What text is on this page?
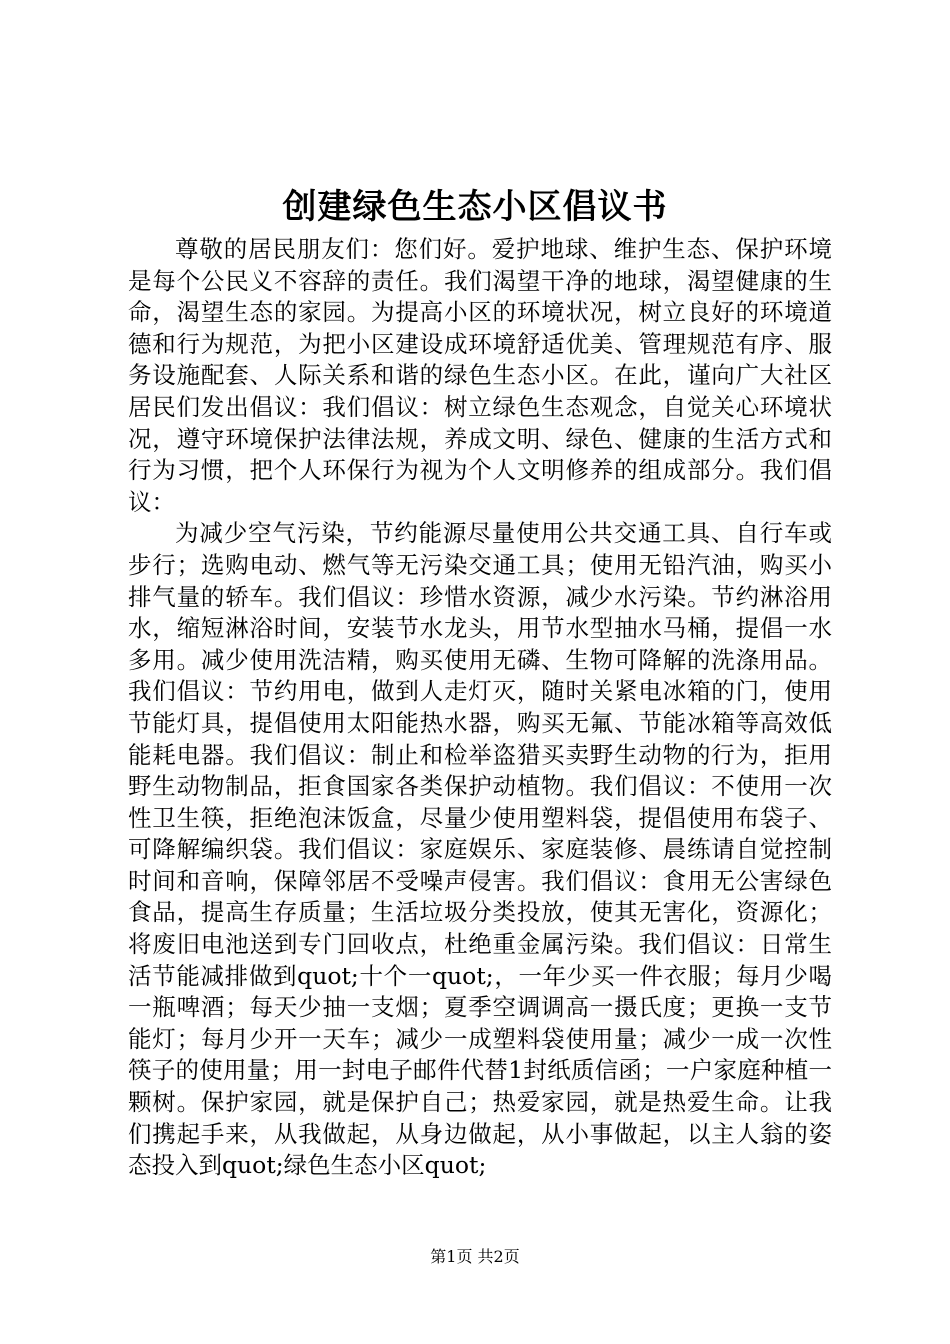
创建绿色生态小区倡议书

尊敬的居民朋友们：您们好。爱护地球、维护生态、保护环境是每个公民义不容辞的责任。我们渴望干净的地球，渴望健康的生命，渴望生态的家园。为提高小区的环境状况，树立良好的环境道德和行为规范，为把小区建设成环境舒适优美、管理规范有序、服务设施配套、人际关系和谐的绿色生态小区。在此，谨向广大社区居民们发出倡议：我们倡议：树立绿色生态观念，自觉关心环境状况，遵守环境保护法律法规，养成文明、绿色、健康的生活方式和行为习惯，把个人环保行为视为个人文明修养的组成部分。我们倡议：

为减少空气污染，节约能源尽量使用公共交通工具、自行车或步行；选购电动、燃气等无污染交通工具；使用无铅汽油，购买小排气量的轿车。我们倡议：珍惜水资源，减少水污染。节约淋浴用水，缩短淋浴时间，安装节水龙头，用节水型抽水马桶，提倡一水多用。减少使用洗洁精，购买使用无磷、生物可降解的洗涤用品。我们倡议：节约用电，做到人走灯灭，随时关紧电冰箱的门，使用节能灯具，提倡使用太阳能热水器，购买无氟、节能冰箱等高效低能耗电器。我们倡议：制止和检举盗猎买卖野生动物的行为，拒用野生动物制品，拒食国家各类保护动植物。我们倡议：不使用一次性卫生筷，拒绝泡沫饭盒，尽量少使用塑料袋，提倡使用布袋子、可降解编织袋。我们倡议：家庭娱乐、家庭装修、晨练请自觉控制时间和音响，保障邻居不受噪声侵害。我们倡议：食用无公害绿色食品，提高生存质量；生活垃圾分类投放，使其无害化，资源化；将废旧电池送到专门回收点，杜绝重金属污染。我们倡议：日常生活节能减排做到quot;十个一quot;，一年少买一件衣服；每月少喝一瓶啤酒；每天少抽一支烟；夏季空调调高一摄氏度；更换一支节能灯；每月少开一天车；减少一成塑料袋使用量；减少一成一次性筷子的使用量；用一封电子邮件代替1封纸质信函；一户家庭种植一颗树。保护家园，就是保护自己；热爱家园，就是热爱生命。让我们携起手来，从我做起，从身边做起，从小事做起，以主人翁的姿态投入到quot;绿色生态小区quot;

第1页 共2页
